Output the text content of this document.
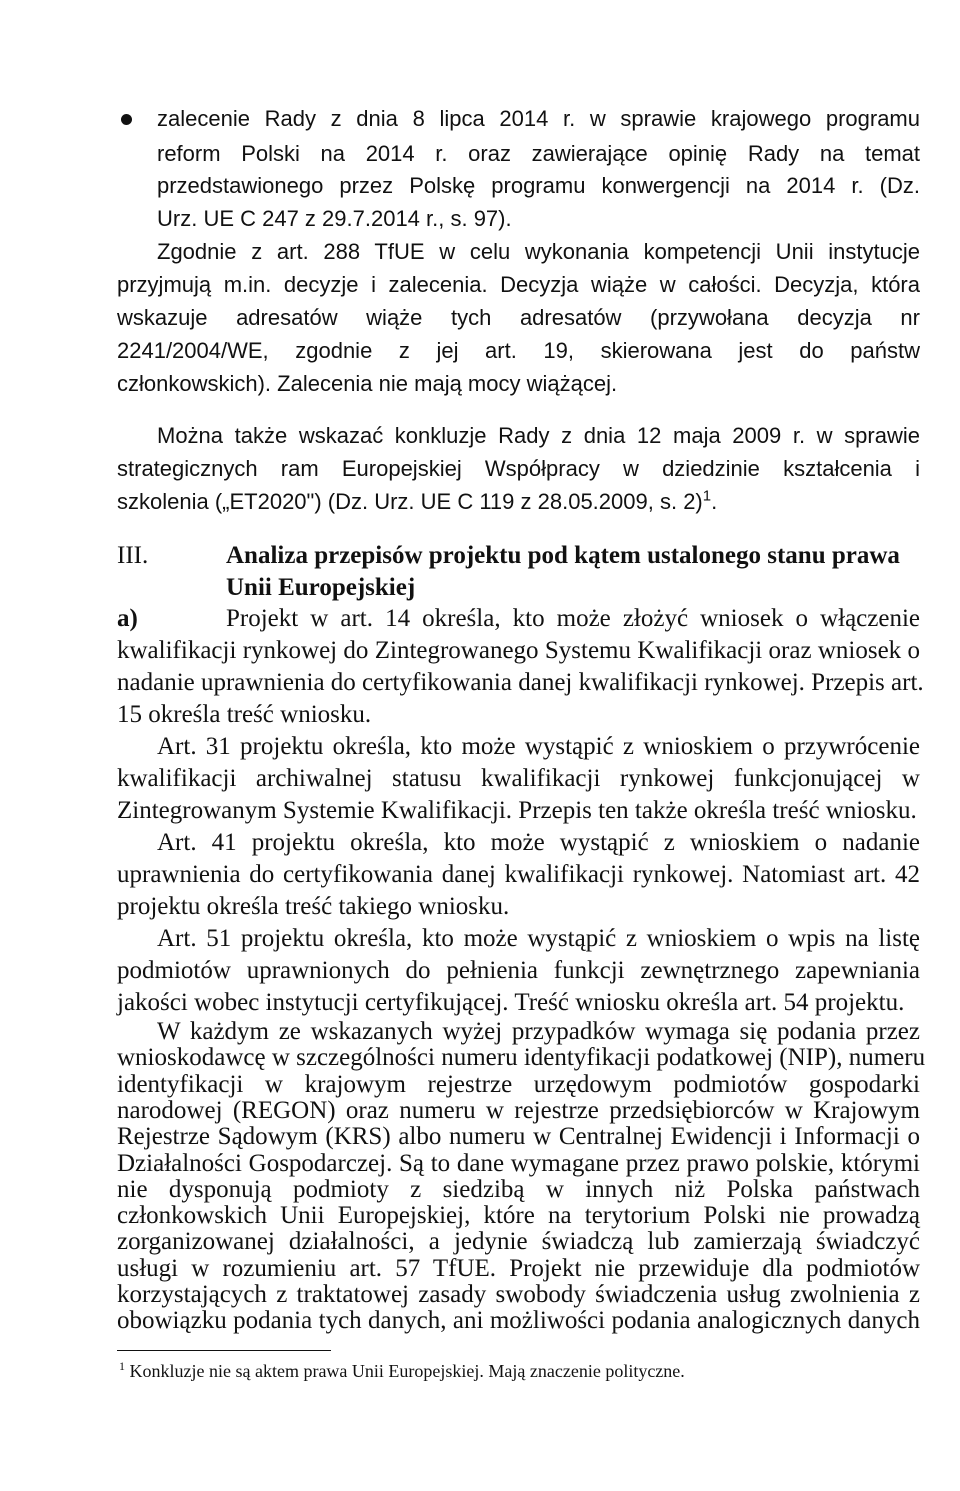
zalecenie Rady z dnia 8 lipca 2014 r. w sprawie krajowego programu
reform Polski na 2014 r. oraz zawierające opinię Rady na temat
przedstawionego przez Polskę programu konwergencji na 2014 r. (Dz.
Urz. UE C 247 z 29.7.2014 r., s. 97).
Zgodnie z art. 288 TfUE w celu wykonania kompetencji Unii instytucje
przyjmują m.in. decyzje i zalecenia. Decyzja wiąże w całości. Decyzja, która
wskazuje adresatów wiąże tych adresatów (przywołana decyzja nr
2241/2004/WE, zgodnie z jej art. 19, skierowana jest do państw
członkowskich). Zalecenia nie mają mocy wiążącej.
Można także wskazać konkluzje Rady z dnia 12 maja 2009 r. w sprawie
strategicznych ram Europejskiej Współpracy w dziedzinie kształcenia i
szkolenia („ET2020") (Dz. Urz. UE C 119 z 28.05.2009, s. 2)$^1$.
III.	Analiza przepisów projektu pod kątem ustalonego stanu prawa
Unii Europejskiej
a)	Projekt w art. 14 określa, kto może złożyć wniosek o włączenie
kwalifikacji rynkowej do Zintegrowanego Systemu Kwalifikacji oraz wniosek o
nadanie uprawnienia do certyfikowania danej kwalifikacji rynkowej. Przepis art.
15 określa treść wniosku.
Art. 31 projektu określa, kto może wystąpić z wnioskiem o przywrócenie
kwalifikacji archiwalnej statusu kwalifikacji rynkowej funkcjonującej w
Zintegrowanym Systemie Kwalifikacji. Przepis ten także określa treść wniosku.
Art. 41 projektu określa, kto może wystąpić z wnioskiem o nadanie
uprawnienia do certyfikowania danej kwalifikacji rynkowej. Natomiast art. 42
projektu określa treść takiego wniosku.
Art. 51 projektu określa, kto może wystąpić z wnioskiem o wpis na listę
podmiotów uprawnionych do pełnienia funkcji zewnętrznego zapewniania
jakości wobec instytucji certyfikującej. Treść wniosku określa art. 54 projektu.
W każdym ze wskazanych wyżej przypadków wymaga się podania przez
wnioskodawcę w szczególności numeru identyfikacji podatkowej (NIP), numeru
identyfikacji w krajowym rejestrze urzędowym podmiotów gospodarki
narodowej (REGON) oraz numeru w rejestrze przedsiębiorców w Krajowym
Rejestrze Sądowym (KRS) albo numeru w Centralnej Ewidencji i Informacji o
Działalności Gospodarczej. Są to dane wymagane przez prawo polskie, którymi
nie dysponują podmioty z siedzibą w innych niż Polska państwach
członkowskich Unii Europejskiej, które na terytorium Polski nie prowadzą
zorganizowanej działalności, a jedynie świadczą lub zamierzają świadczyć
usługi w rozumieniu art. 57 TfUE. Projekt nie przewiduje dla podmiotów
korzystających z traktatowej zasady swobody świadczenia usług zwolnienia z
obowiązku podania tych danych, ani możliwości podania analogicznych danych
$^1$ Konkluzje nie są aktem prawa Unii Europejskiej. Mają znaczenie polityczne.
